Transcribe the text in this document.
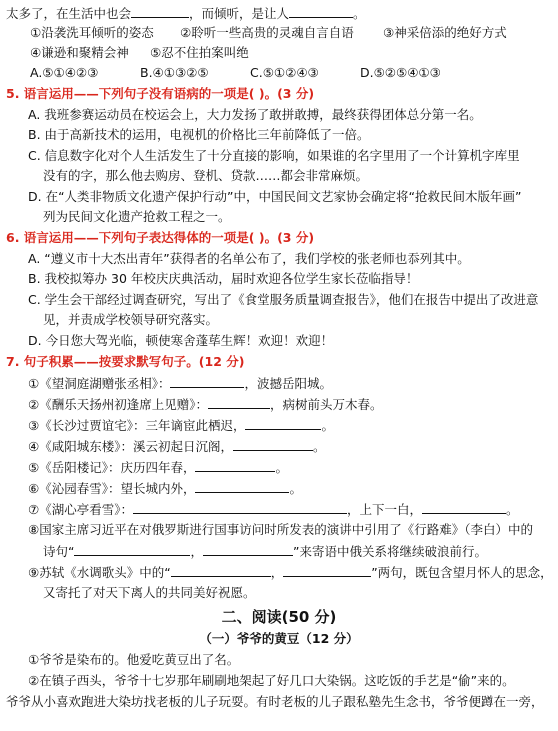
太多了，在生活中也会	，而倾听，是让人	。
①沿袭洗耳倾听的姿态 ②聆听一些高贵的灵魂自言自语 ③神采倍添的绝好方式
④谦逊和聚精会神 ⑤忍不住拍案叫绝
A.⑤①④②③	B.④①③②⑤	C.⑤①②④③	D.⑤②⑤④①③
5. 语言运用——下列句子没有语病的一项是( )。(3 分)
A. 我班参赛运动员在校运会上，大力发扬了敢拼敢搏，最终获得团体总分第一名。
B. 由于高新技术的运用，电视机的价格比三年前降低了一倍。
C. 信息数字化对个人生活发生了十分直接的影响，如果谁的名字里用了一个计算机字库里
没有的字，那么他去购房、登机、贷款……都会非常麻烦。
D. 在“人类非物质文化遗产保护行动”中，中国民间文艺家协会确定将“抢救民间木版年画”
列为民间文化遗产抢救工程之一。
6. 语言运用——下列句子表达得体的一项是( )。(3 分)
A. “遵义市十大杰出青年”获得者的名单公布了，我们学校的张老师也忝列其中。
B. 我校拟筹办 30 年校庆庆典活动，届时欢迎各位学生家长莅临指导！
C. 学生会干部经过调查研究，写出了《食堂服务质量调查报告》，他们在报告中提出了改进意
见，并责成学校领导研究落实。
D. 今日您大驾光临，顿使寒舍蓬荜生辉！欢迎！欢迎！
7. 句子积累——按要求默写句子。(12 分)
①《望洞庭湖赠张丞相》：	，波撼岳阳城。
②《酬乐天扬州初逢席上见赠》：	，病树前头万木春。
③《长沙过贾谊宅》：三年谪宦此栖迟，	。
④《咸阳城东楼》：溪云初起日沉阁，	。
⑤《岳阳楼记》：庆历四年春，	。
⑥《沁园春雪》：望长城内外，	。
⑦《湖心亭看雪》：	，上下一白，	。
⑧国家主席习近平在对俄罗斯进行国事访问时所发表的演讲中引用了《行路难》（李白）中的
诗句“	，	”来寄语中俄关系将继续破浪前行。
⑨苏轼《水调歌头》中的“	，	”两句，既包含望月怀人的思念，
又寄托了对天下离人的共同美好祝愿。
二、阅读(50 分)
（一）爷爷的黄豆（12 分）
①爷爷是染布的。他爱吃黄豆出了名。
②在镇子西头，爷爷十七岁那年刷刷地架起了好几口大染锅。这吃饭的手艺是“偷”来的。
爷爷从小喜欢跑进大染坊找老板的儿子玩耍。有时老板的儿子跟私塾先生念书，爷爷便蹲在一旁，
